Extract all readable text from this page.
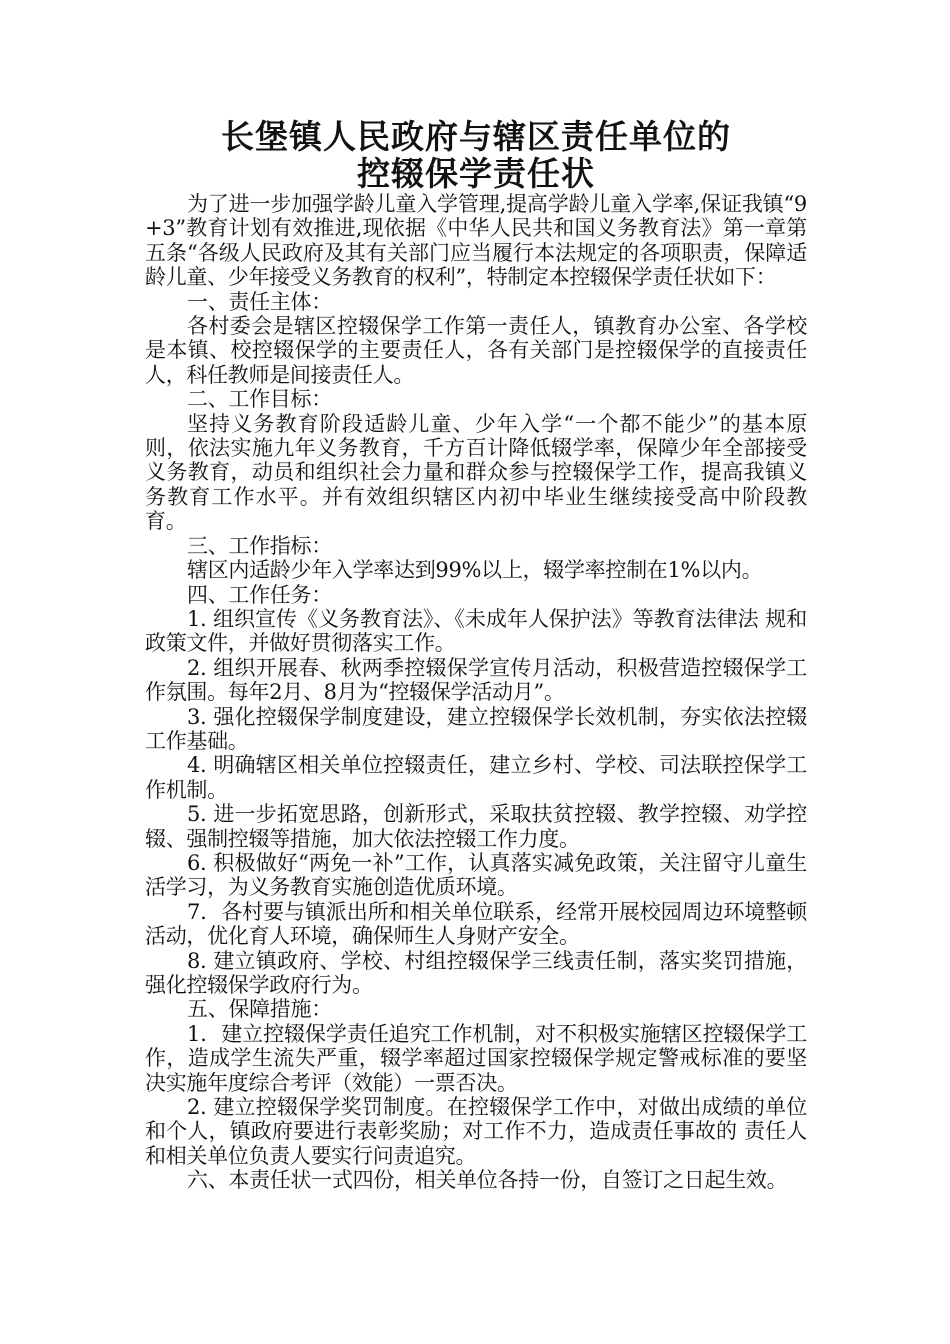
长堡镇人民政府与辖区责任单位的
控辍保学责任状

为了进一步加强学龄儿童入学管理,提高学龄儿童入学率,保证我镇“9+3”教育计划有效推进,现依据《中华人民共和国义务教育法》第一章第五条“各级人民政府及其有关部门应当履行本法规定的各项职责，保障适龄儿童、少年接受义务教育的权利”，特制定本控辍保学责任状如下：

一、责任主体：

各村委会是辖区控辍保学工作第一责任人，镇教育办公室、各学校是本镇、校控辍保学的主要责任人，各有关部门是控辍保学的直接责任人，科任教师是间接责任人。

二、工作目标：

坚持义务教育阶段适龄儿童、少年入学“一个都不能少”的基本原则，依法实施九年义务教育，千方百计降低辍学率，保障少年全部接受义务教育，动员和组织社会力量和群众参与控辍保学工作，提高我镇义务教育工作水平。并有效组织辖区内初中毕业生继续接受高中阶段教育。

三、工作指标：

辖区内适龄少年入学率达到99%以上，辍学率控制在1%以内。

四、工作任务：

1. 组织宣传《义务教育法》、《未成年人保护法》等教育法律法 规和政策文件，并做好贯彻落实工作。

2. 组织开展春、秋两季控辍保学宣传月活动，积极营造控辍保学工作氛围。每年2月、8月为“控辍保学活动月”。

3. 强化控辍保学制度建设，建立控辍保学长效机制，夯实依法控辍工作基础。

4. 明确辖区相关单位控辍责任，建立乡村、学校、司法联控保学工作机制。

5. 进一步拓宽思路，创新形式，采取扶贫控辍、教学控辍、劝学控辍、强制控辍等措施，加大依法控辍工作力度。

6. 积极做好“两免一补”工作，认真落实减免政策，关注留守儿童生活学习，为义务教育实施创造优质环境。

7．各村要与镇派出所和相关单位联系，经常开展校园周边环境整顿活动，优化育人环境，确保师生人身财产安全。

8. 建立镇政府、学校、村组控辍保学三线责任制，落实奖罚措施，强化控辍保学政府行为。

五、保障措施：

1．建立控辍保学责任追究工作机制，对不积极实施辖区控辍保学工作，造成学生流失严重，辍学率超过国家控辍保学规定警戒标准的要坚决实施年度综合考评（效能）一票否决。

2. 建立控辍保学奖罚制度。在控辍保学工作中，对做出成绩的单位和个人，镇政府要进行表彰奖励；对工作不力，造成责任事故的 责任人和相关单位负责人要实行问责追究。

六、本责任状一式四份，相关单位各持一份，自签订之日起生效。
